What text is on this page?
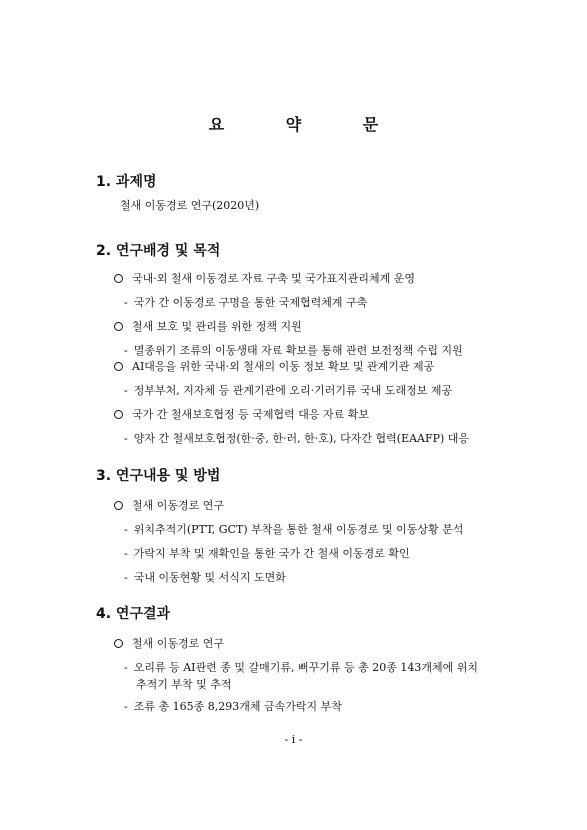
요 약 문
1. 과제명
철새 이동경로 연구(2020년)
2. 연구배경 및 목적
국내·외 철새 이동경로 자료 구축 및 국가표지관리체계 운영
- 국가 간 이동경로 구명을 통한 국제협력체계 구축
철새 보호 및 관리를 위한 정책 지원
- 멸종위기 조류의 이동생태 자료 확보를 통해 관련 보전정책 수립 지원
AI대응을 위한 국내·외 철새의 이동 정보 확보 및 관계기관 제공
- 정부부처, 지자체 등 관계기관에 오리·기러기류 국내 도래정보 제공
국가 간 철새보호협정 등 국제협력 대응 자료 확보
- 양자 간 철새보호협정(한·중, 한·러, 한·호), 다자간 협력(EAAFP) 대응
3. 연구내용 및 방법
철새 이동경로 연구
- 위치추적기(PTT, GCT) 부착을 통한 철새 이동경로 및 이동상황 분석
- 가락지 부착 및 재확인을 통한 국가 간 철새 이동경로 확인
- 국내 이동현황 및 서식지 도면화
4. 연구결과
철새 이동경로 연구
- 오리류 등 AI관련 종 및 갈매기류, 뻐꾸기류 등 총 20종 143개체에 위치
추적기 부착 및 추적
- 조류 총 165종 8,293개체 금속가락지 부착
- i -
